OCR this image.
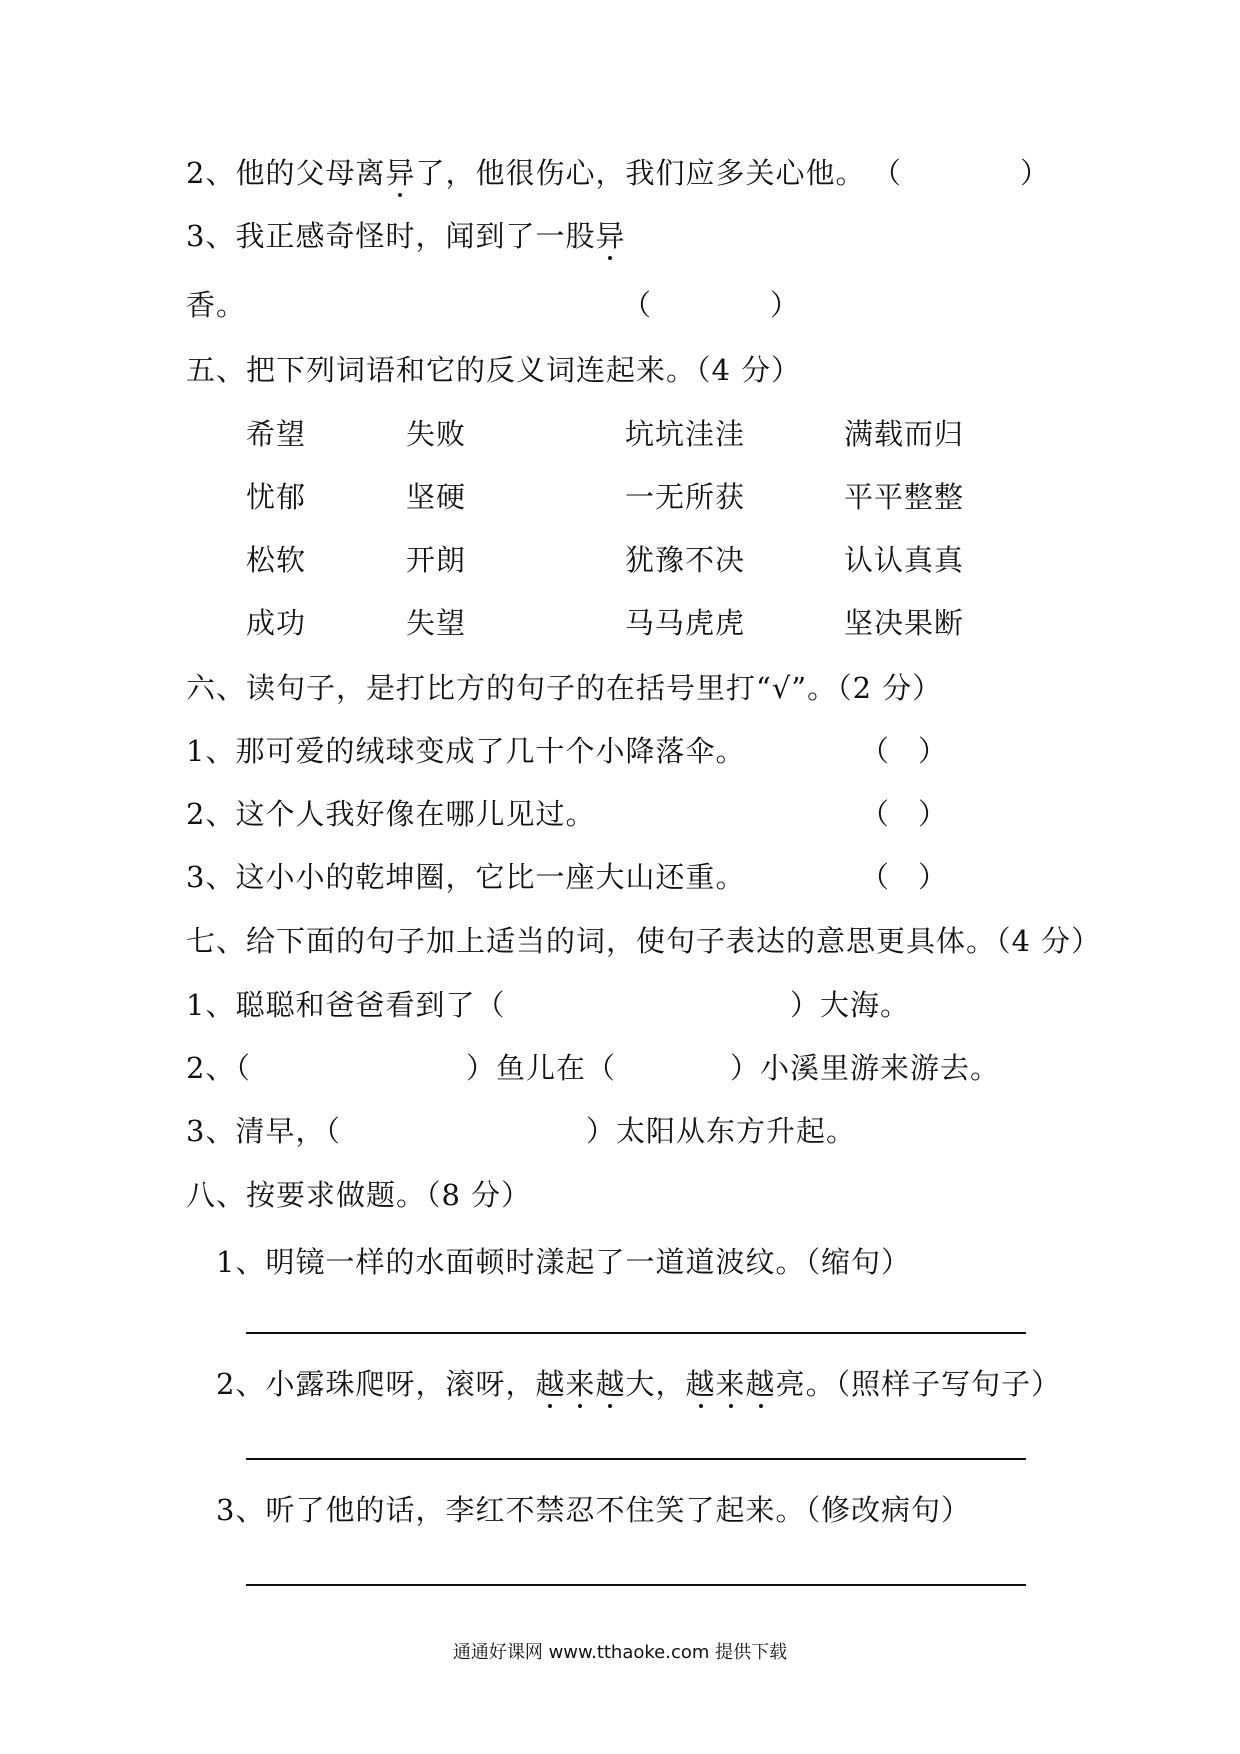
2、他的父母离异了，他很伤心，我们应多关心他。 （	）
3、我正感奇怪时，闻到了一股异
香。	（	）
五、把下列词语和它的反义词连起来。（4 分）
希望	失败	坑坑洼洼	满载而归
忧郁	坚硬	一无所获	平平整整
松软	开朗	犹豫不决	认认真真
成功	失望	马马虎虎	坚决果断
六、读句子，是打比方的句子的在括号里打“√”。（2 分）
1、那可爱的绒球变成了几十个小降落伞。	（　）
2、这个人我好像在哪儿见过。	（　）
3、这小小的乾坤圈，它比一座大山还重。	（　）
七、给下面的句子加上适当的词，使句子表达的意思更具体。（4 分）
1、聪聪和爸爸看到了（	）大海。
2、（	）鱼儿在（	）小溪里游来游去。
3、清早，（	）太阳从东方升起。
八、按要求做题。（8 分）
1、明镜一样的水面顿时漾起了一道道波纹。（缩句）
2、小露珠爬呀，滚呀，越来越大，越来越亮。（照样子写句子）
3、听了他的话，李红不禁忍不住笑了起来。（修改病句）
通通好课网 www.tthaoke.com 提供下载
